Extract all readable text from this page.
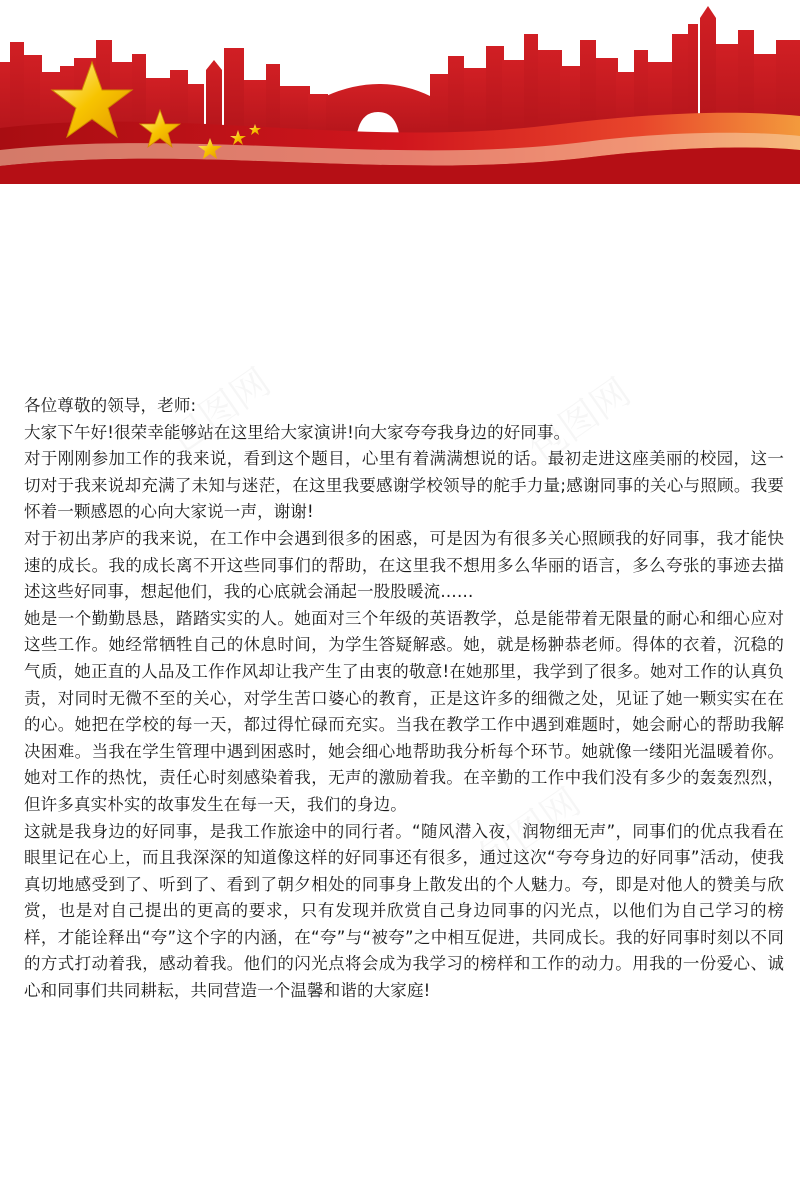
各位尊敬的领导，老师:

大家下午好!很荣幸能够站在这里给大家演讲!向大家夸夸我身边的好同事。

对于刚刚参加工作的我来说，看到这个题目，心里有着满满想说的话。最初走进这座美丽的校园，这一切对于我来说却充满了未知与迷茫，在这里我要感谢学校领导的舵手力量;感谢同事的关心与照顾。我要怀着一颗感恩的心向大家说一声，谢谢!

对于初出茅庐的我来说，在工作中会遇到很多的困惑，可是因为有很多关心照顾我的好同事，我才能快速的成长。我的成长离不开这些同事们的帮助，在这里我不想用多么华丽的语言，多么夸张的事迹去描述这些好同事，想起他们，我的心底就会涌起一股股暖流……

她是一个勤勤恳恳，踏踏实实的人。她面对三个年级的英语教学，总是能带着无限量的耐心和细心应对这些工作。她经常牺牲自己的休息时间，为学生答疑解惑。她，就是杨翀恭老师。得体的衣着，沉稳的气质，她正直的人品及工作作风却让我产生了由衷的敬意!在她那里，我学到了很多。她对工作的认真负责，对同时无微不至的关心，对学生苦口婆心的教育，正是这许多的细微之处，见证了她一颗实实在在的心。她把在学校的每一天，都过得忙碌而充实。当我在教学工作中遇到难题时，她会耐心的帮助我解决困难。当我在学生管理中遇到困惑时，她会细心地帮助我分析每个环节。她就像一缕阳光温暖着你。她对工作的热忱，责任心时刻感染着我，无声的激励着我。在辛勤的工作中我们没有多少的轰轰烈烈，但许多真实朴实的故事发生在每一天，我们的身边。

这就是我身边的好同事，是我工作旅途中的同行者。“随风潜入夜，润物细无声”，同事们的优点我看在眼里记在心上，而且我深深的知道像这样的好同事还有很多，通过这次“夸夸身边的好同事”活动，使我真切地感受到了、听到了、看到了朝夕相处的同事身上散发出的个人魅力。夸，即是对他人的赞美与欣赏，也是对自己提出的更高的要求，只有发现并欣赏自己身边同事的闪光点，以他们为自己学习的榜样，才能诠释出“夸”这个字的内涵，在“夸”与“被夸”之中相互促进，共同成长。我的好同事时刻以不同的方式打动着我，感动着我。他们的闪光点将会成为我学习的榜样和工作的动力。用我的一份爱心、诚心和同事们共同耕耘，共同营造一个温馨和谐的大家庭!
